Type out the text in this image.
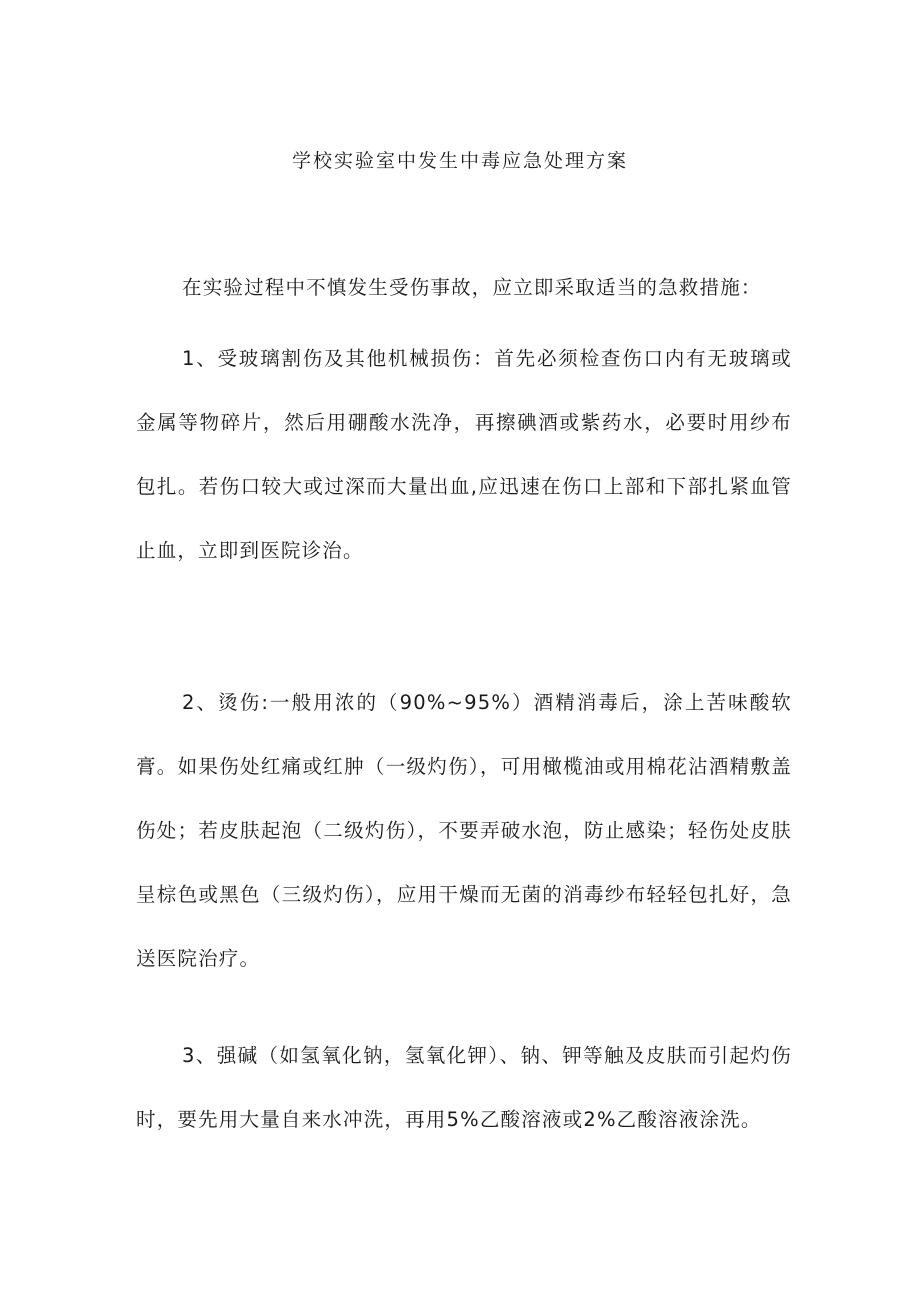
学校实验室中发生中毒应急处理方案

在实验过程中不慎发生受伤事故，应立即采取适当的急救措施：

1、受玻璃割伤及其他机械损伤：首先必须检查伤口内有无玻璃或金属等物碎片，然后用硼酸水洗净，再擦碘酒或紫药水，必要时用纱布包扎。若伤口较大或过深而大量出血,应迅速在伤口上部和下部扎紧血管止血，立即到医院诊治。

2、烫伤:一般用浓的（90%~95%）酒精消毒后，涂上苦味酸软膏。如果伤处红痛或红肿（一级灼伤），可用橄榄油或用棉花沾酒精敷盖伤处；若皮肤起泡（二级灼伤），不要弄破水泡，防止感染；轻伤处皮肤呈棕色或黑色（三级灼伤），应用干燥而无菌的消毒纱布轻轻包扎好，急送医院治疗。

3、强碱（如氢氧化钠，氢氧化钾）、钠、钾等触及皮肤而引起灼伤时，要先用大量自来水冲洗，再用5%乙酸溶液或2%乙酸溶液涂洗。
